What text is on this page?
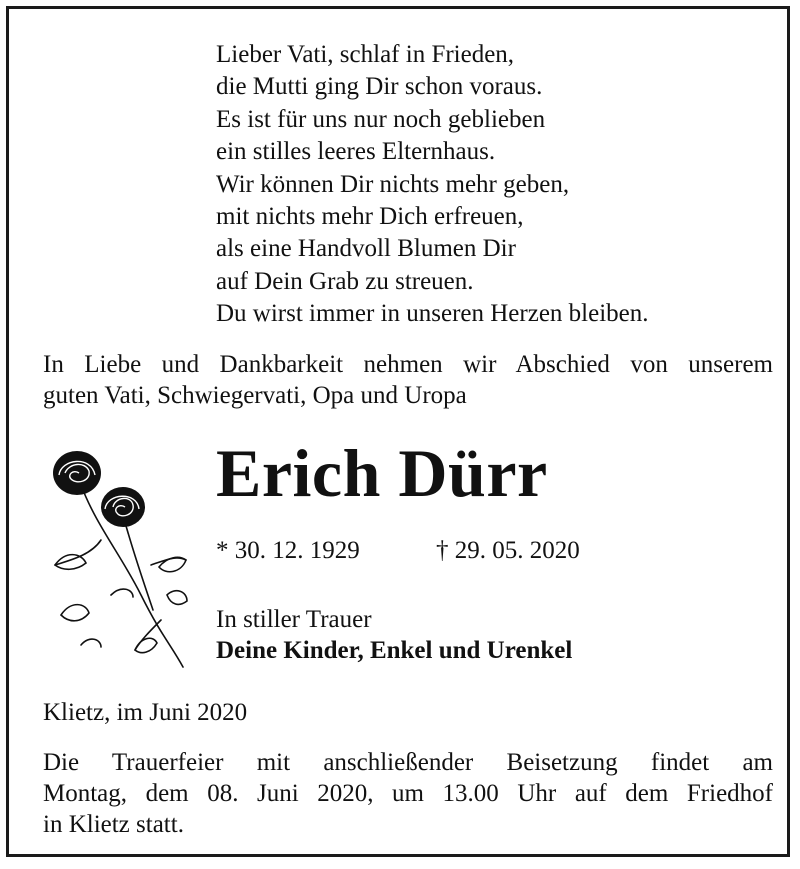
Lieber Vati, schlaf in Frieden,
die Mutti ging Dir schon voraus.
Es ist für uns nur noch geblieben
ein stilles leeres Elternhaus.
Wir können Dir nichts mehr geben,
mit nichts mehr Dich erfreuen,
als eine Handvoll Blumen Dir
auf Dein Grab zu streuen.
Du wirst immer in unseren Herzen bleiben.
In Liebe und Dankbarkeit nehmen wir Abschied von unserem
guten Vati, Schwiegervati, Opa und Uropa
Erich Dürr
* 30. 12. 1929	† 29. 05. 2020
In stiller Trauer
Deine Kinder, Enkel und Urenkel
Klietz, im Juni 2020
Die Trauerfeier mit anschließender Beisetzung findet am
Montag, dem 08. Juni 2020, um 13.00 Uhr auf dem Friedhof
in Klietz statt.
